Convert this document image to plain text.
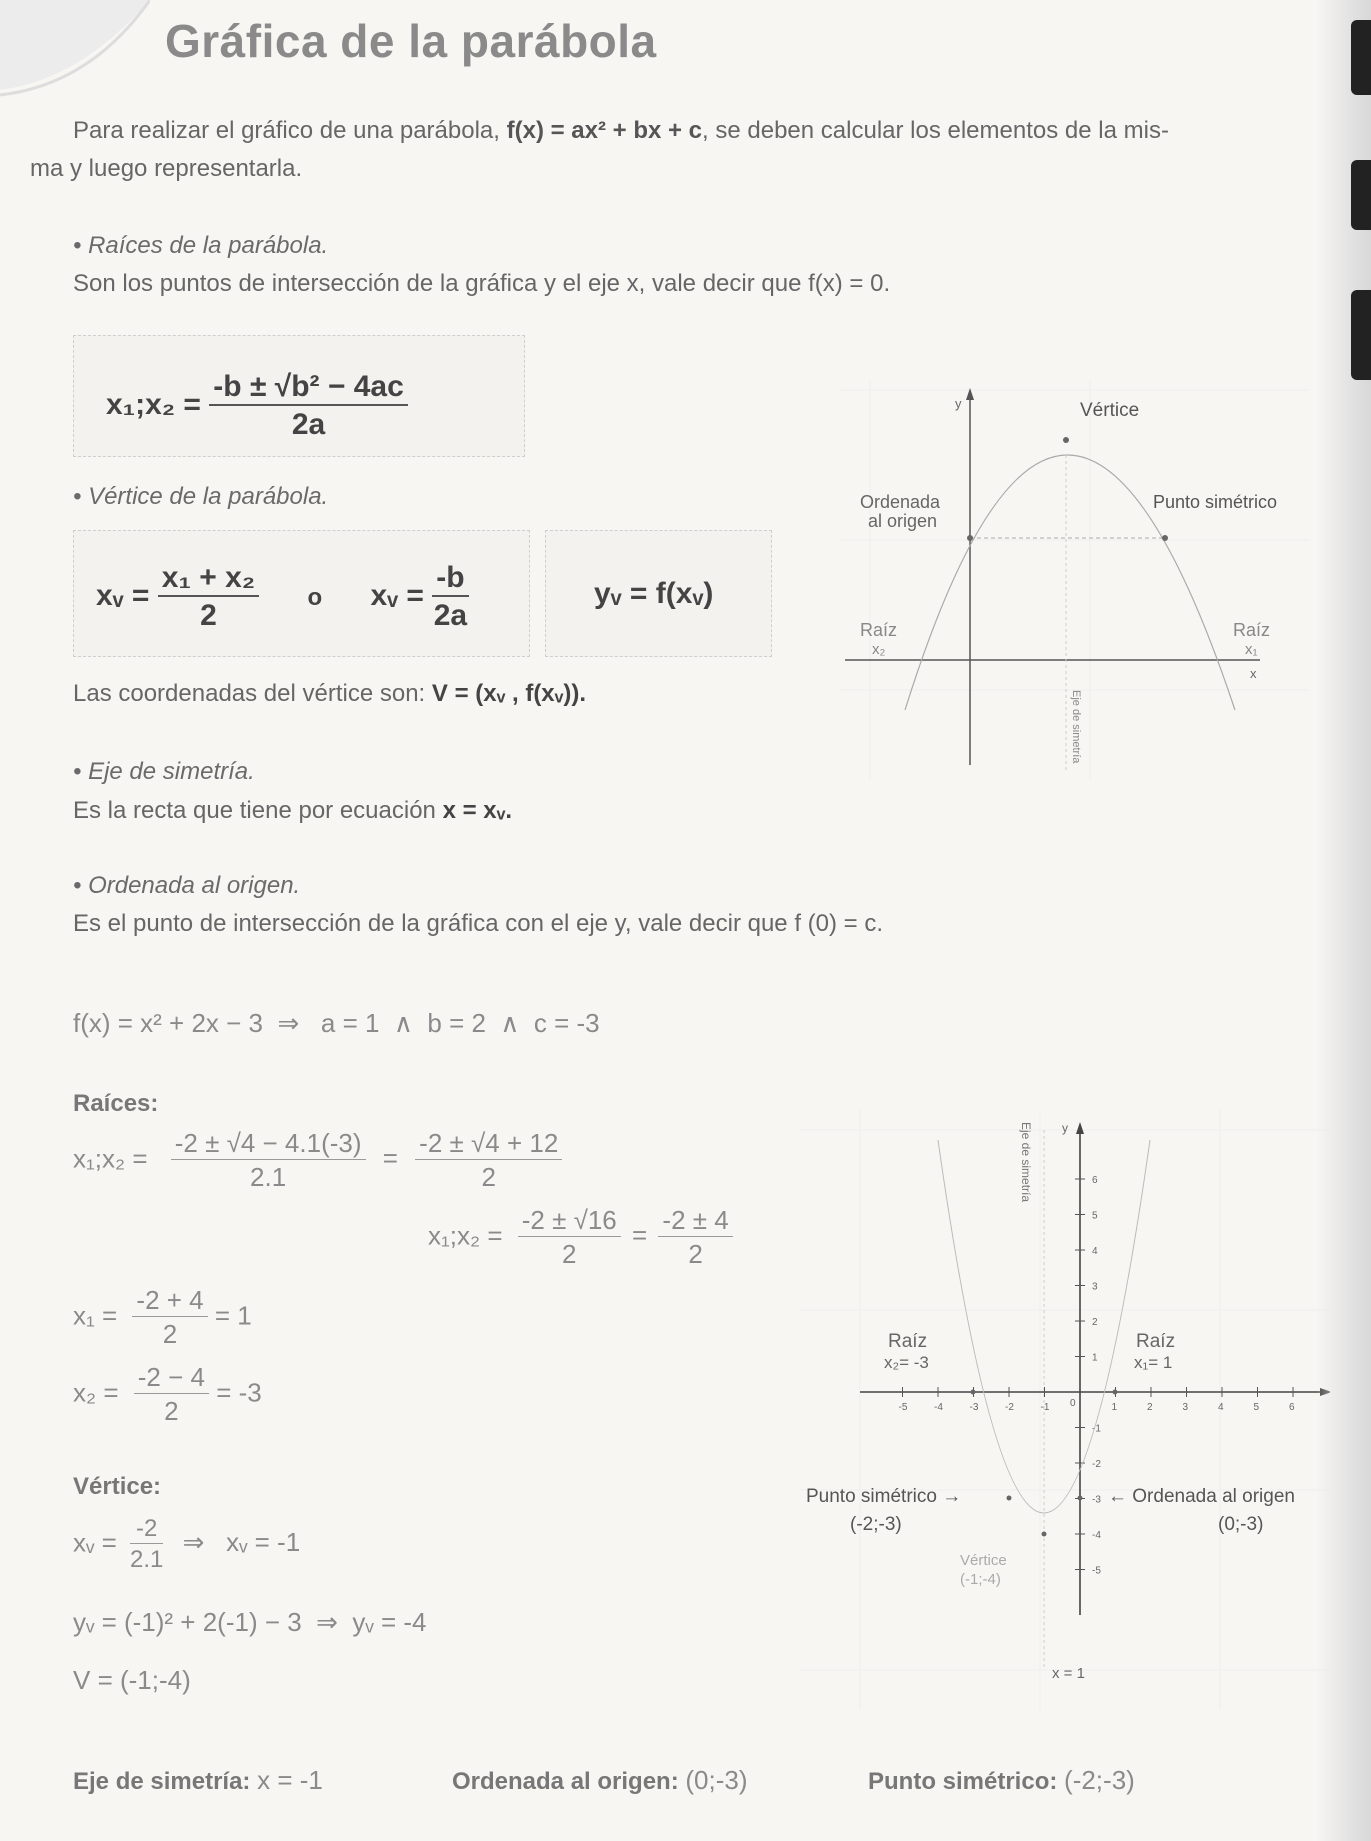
Gráfica de la parábola
Para realizar el gráfico de una parábola, f(x) = ax² + bx + c, se deben calcular los elementos de la mis-
ma y luego representarla.
• Raíces de la parábola.
Son los puntos de intersección de la gráfica y el eje x, vale decir que f(x) = 0.
x₁;x₂ = $\frac{\text{-b ± √b² − 4ac}}{2a}$
• Vértice de la parábola.
xᵥ = $\frac{\text{x₁ + x₂}}{2}$ o xᵥ = $\frac{-b}{2a}$	yᵥ = f(xᵥ)
Las coordenadas del vértice son: V = (xᵥ , f(xᵥ)).
• Eje de simetría.
Es la recta que tiene por ecuación x = xᵥ.
• Ordenada al origen.
Es el punto de intersección de la gráfica con el eje y, vale decir que f (0) = c.
y
x
Vértice
Ordenada
al origen
Punto simétrico
Raíz
x₂
Raíz
x₁
Eje de simetría
f(x) = x² + 2x − 3  ⇒   a = 1  ∧  b = 2  ∧  c = -3
Raíces:
x₁;x₂ = $\frac{-2 \pm √4 - 4.1(-3)}{2.1} = \frac{-2 \pm √4 + 12}{2}$
x₁;x₂ = $\frac{-2 \pm √16}{2} = \frac{-2 \pm 4}{2}$
$x_1 = \frac{-2 + 4}{2} = 1$
$x_2 = \frac{-2 - 4}{2} = -3$
Vértice:
xᵥ = $\frac{-2}{2.1}$ ⇒   xᵥ = -1
yᵥ = (-1)² + 2(-1) − 3  ⇒  yᵥ = -4
V = (-1;-4)
Eje de simetría: x = -1	Ordenada al origen: (0;-3)	Punto simétrico: (-2;-3)
-5	-4	-3	-2	-1	1	2	3	4	5	6
6
5
4
3
2
1
-1
-2
-3
-4
-5
y
Eje de simetría
0
Raíz
x₂= -3
Raíz
x₁= 1
Punto simétrico →
(-2;-3)
← Ordenada al origen
(0;-3)
Vértice
(-1;-4)
x = 1
